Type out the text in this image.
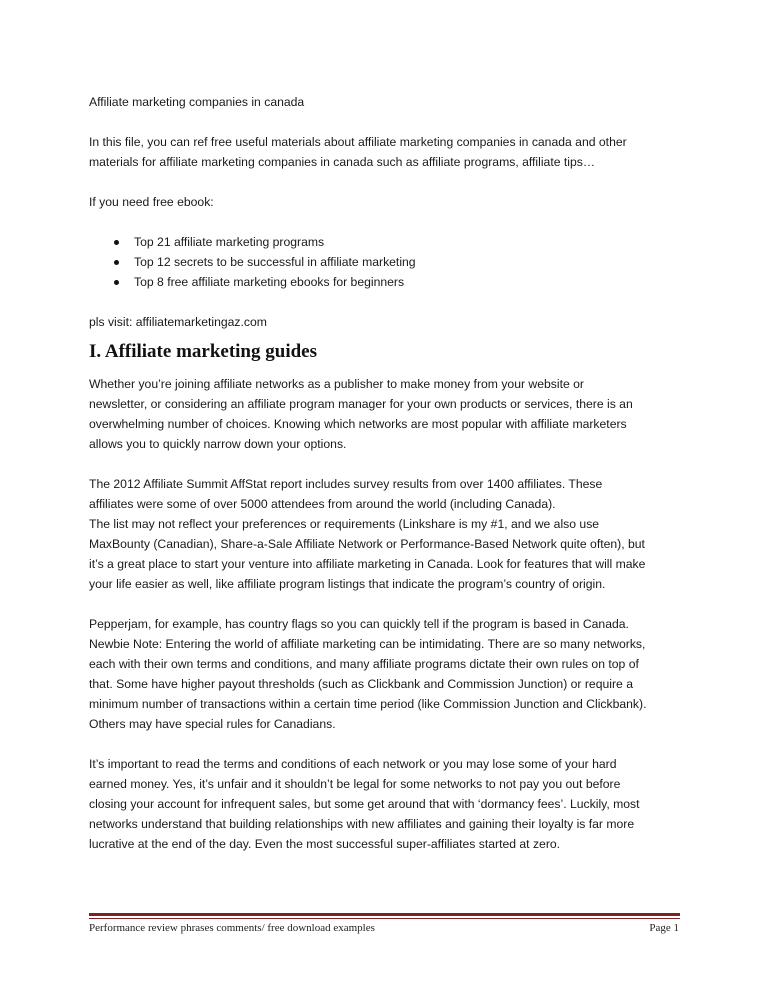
Affiliate marketing companies in canada

In this file, you can ref free useful materials about affiliate marketing companies in canada and other

materials for affiliate marketing companies in canada such as affiliate programs, affiliate tips…

If you need free ebook:

Top 21 affiliate marketing programs
Top 12 secrets to be successful in affiliate marketing
Top 8 free affiliate marketing ebooks for beginners

pls visit: affiliatemarketingaz.com

I. Affiliate marketing guides

Whether you’re joining affiliate networks as a publisher to make money from your website or

newsletter, or considering an affiliate program manager for your own products or services, there is an

overwhelming number of choices. Knowing which networks are most popular with affiliate marketers

allows you to quickly narrow down your options.

The 2012 Affiliate Summit AffStat report includes survey results from over 1400 affiliates. These

affiliates were some of over 5000 attendees from around the world (including Canada).

The list may not reflect your preferences or requirements (Linkshare is my #1, and we also use

MaxBounty (Canadian), Share-a-Sale Affiliate Network or Performance-Based Network quite often), but

it’s a great place to start your venture into affiliate marketing in Canada. Look for features that will make

your life easier as well, like affiliate program listings that indicate the program’s country of origin.

Pepperjam, for example, has country flags so you can quickly tell if the program is based in Canada.

Newbie Note: Entering the world of affiliate marketing can be intimidating. There are so many networks,

each with their own terms and conditions, and many affiliate programs dictate their own rules on top of

that. Some have higher payout thresholds (such as Clickbank and Commission Junction) or require a

minimum number of transactions within a certain time period (like Commission Junction and Clickbank).

Others may have special rules for Canadians.

It’s important to read the terms and conditions of each network or you may lose some of your hard

earned money. Yes, it’s unfair and it shouldn’t be legal for some networks to not pay you out before

closing your account for infrequent sales, but some get around that with ‘dormancy fees’. Luckily, most

networks understand that building relationships with new affiliates and gaining their loyalty is far more

lucrative at the end of the day. Even the most successful super-affiliates started at zero.

Performance review phrases comments/ free download examples	Page 1
